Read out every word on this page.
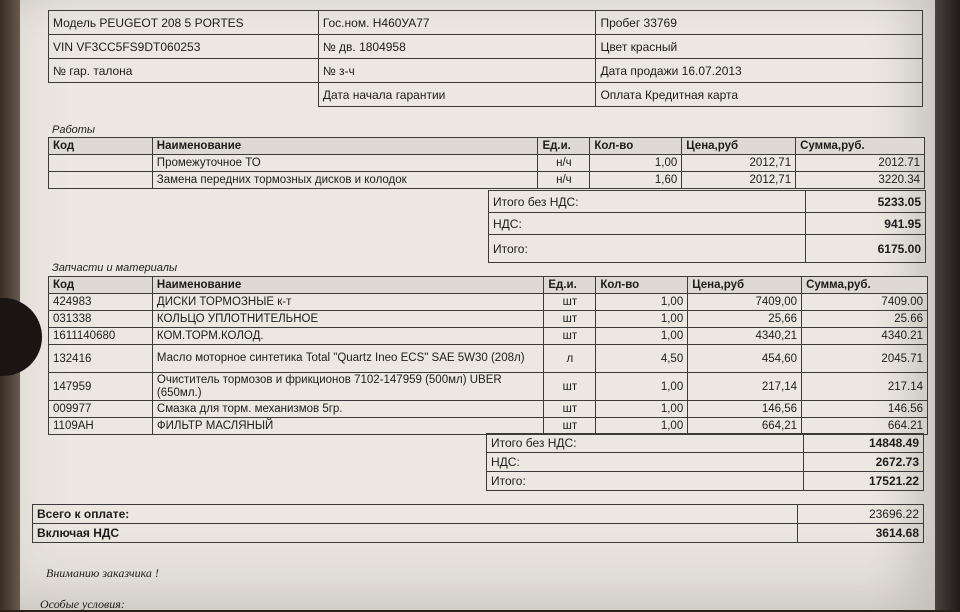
Модель PEUGEOT 208 5 PORTES	Гос.ном. Н460УА77	Пробег 33769
VIN VF3CC5FS9DT060253	№ дв. 1804958	Цвет красный
№ гар. талона	№ з-ч	Дата продажи 16.07.2013
	Дата начала гарантии	Оплата Кредитная карта
Работы
Код	Наименование	Ед.и.	Кол-во	Цена,руб	Сумма,руб.
	Промежуточное ТО	н/ч	1,00	2012,71	2012.71
	Замена передних тормозных дисков и колодок	н/ч	1,60	2012,71	3220.34
Итого без НДС:	5233.05
НДС:	941.95
Итого:	6175.00
Запчасти и материалы
Код	Наименование	Ед.и.	Кол-во	Цена,руб	Сумма,руб.
424983	ДИСКИ ТОРМОЗНЫЕ к-т	шт	1,00	7409,00	7409.00
031338	КОЛЬЦО УПЛОТНИТЕЛЬНОЕ	шт	1,00	25,66	25.66
1611140680	КОМ.ТОРМ.КОЛОД.	шт	1,00	4340,21	4340.21
132416	Масло моторное синтетика Total "Quartz Ineo ECS" SAE 5W30 (208л)	л	4,50	454,60	2045.71
147959	Очиститель тормозов и фрикционов 7102-147959 (500мл) UBER (650мл.)	шт	1,00	217,14	217.14
009977	Смазка для торм. механизмов 5гр.	шт	1,00	146,56	146.56
1109AH	ФИЛЬТР МАСЛЯНЫЙ	шт	1,00	664,21	664.21
Итого без НДС:	14848.49
НДС:	2672.73
Итого:	17521.22
Всего к оплате:	23696.22
Включая НДС	3614.68
Вниманию заказчика !
Особые условия:
